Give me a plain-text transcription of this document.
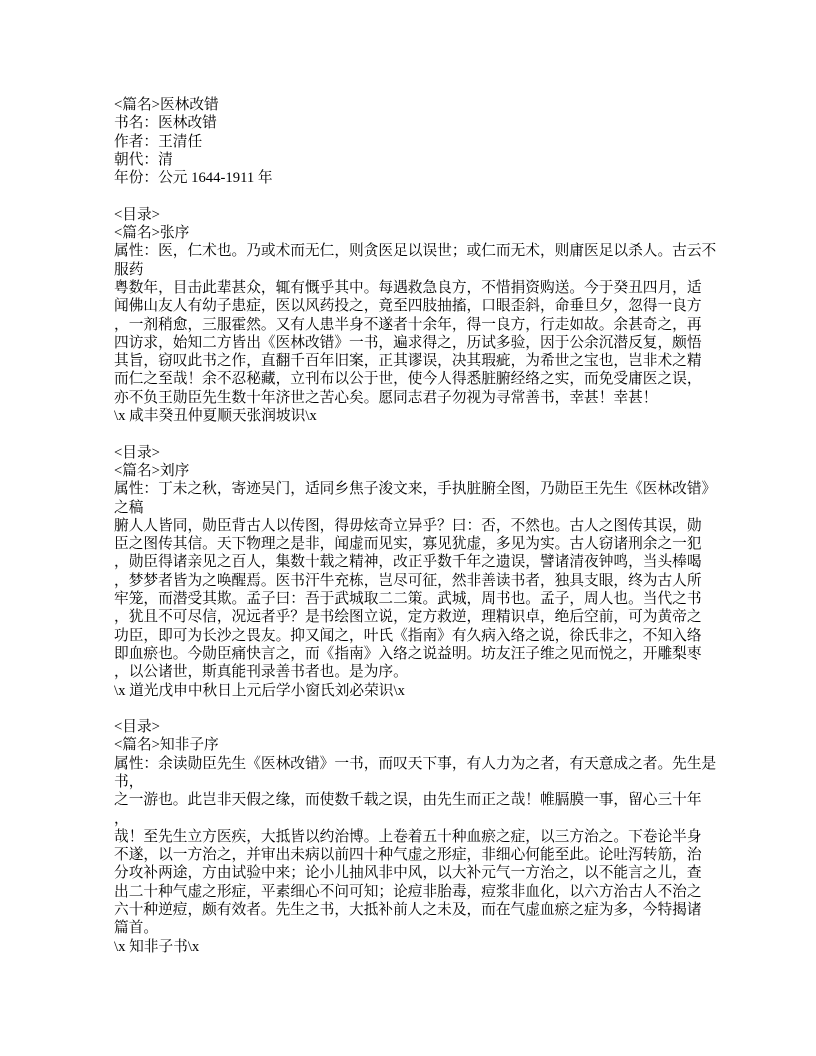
<篇名>医林改错
书名：医林改错
作者：王清任
朝代：清
年份：公元 1644-1911 年

<目录>
<篇名>张序
属性：医，仁术也。乃或术而无仁，则贪医足以误世；或仁而无术，则庸医足以杀人。古云不
服药
粤数年，目击此辈甚众，辄有慨乎其中。每遇救急良方，不惜捐资购送。今于癸丑四月，适
闻佛山友人有幼子患症，医以风药投之，竟至四肢抽搐，口眼歪斜，命垂旦夕，忽得一良方
，一剂稍愈，三服霍然。又有人患半身不遂者十余年，得一良方，行走如故。余甚奇之，再
四访求，始知二方皆出《医林改错》一书，遍求得之，历试多验，因于公余沉潜反复，颇悟
其旨，窃叹此书之作，直翻千百年旧案，正其谬误，决其瑕疵，为希世之宝也，岂非术之精
而仁之至哉！余不忍秘藏，立刊布以公于世，使今人得悉脏腑经络之实，而免受庸医之误，
亦不负王勋臣先生数十年济世之苦心矣。愿同志君子勿视为寻常善书，幸甚！幸甚！
\x 咸丰癸丑仲夏顺天张润坡识\x

<目录>
<篇名>刘序
属性：丁未之秋，寄迹吴门，适同乡焦子浚文来，手执脏腑全图，乃勋臣王先生《医林改错》
之稿
腑人人皆同，勋臣背古人以传图，得毋炫奇立异乎？曰：否，不然也。古人之图传其误，勋
臣之图传其信。天下物理之是非，闻虚而见实，寡见犹虚，多见为实。古人窃诸刑余之一犯
，勋臣得诸亲见之百人，集数十载之精神，改正乎数千年之遗误，譬诸清夜钟鸣，当头棒喝
，梦梦者皆为之唤醒焉。医书汗牛充栋，岂尽可征，然非善读书者，独具支眼，终为古人所
牢笼，而潜受其欺。孟子曰：吾于武城取二二策。武城，周书也。孟子，周人也。当代之书
，犹且不可尽信，况远者乎？是书绘图立说，定方救逆，理精识卓，绝后空前，可为黄帝之
功臣，即可为长沙之畏友。抑又闻之，叶氏《指南》有久病入络之说，徐氏非之，不知入络
即血瘀也。今勋臣痛快言之，而《指南》入络之说益明。坊友汪子维之见而悦之，开雕梨枣
，以公诸世，斯真能刊录善书者也。是为序。
\x 道光戊申中秋日上元后学小窗氏刘必荣识\x

<目录>
<篇名>知非子序
属性：余读勋臣先生《医林改错》一书，而叹天下事，有人力为之者，有天意成之者。先生是
书，
之一游也。此岂非天假之缘，而使数千载之误，由先生而正之哉！帷膈膜一事，留心三十年
，
哉！至先生立方医疾，大抵皆以约治博。上卷着五十种血瘀之症，以三方治之。下卷论半身
不遂，以一方治之，并审出未病以前四十种气虚之形症，非细心何能至此。论吐泻转筋，治
分攻补两途，方由试验中来；论小儿抽风非中风，以大补元气一方治之，以不能言之儿，查
出二十种气虚之形症，平素细心不问可知；论痘非胎毒，痘浆非血化，以六方治古人不治之
六十种逆痘，颇有效者。先生之书，大抵补前人之未及，而在气虚血瘀之症为多，今特揭诸
篇首。
\x 知非子书\x
